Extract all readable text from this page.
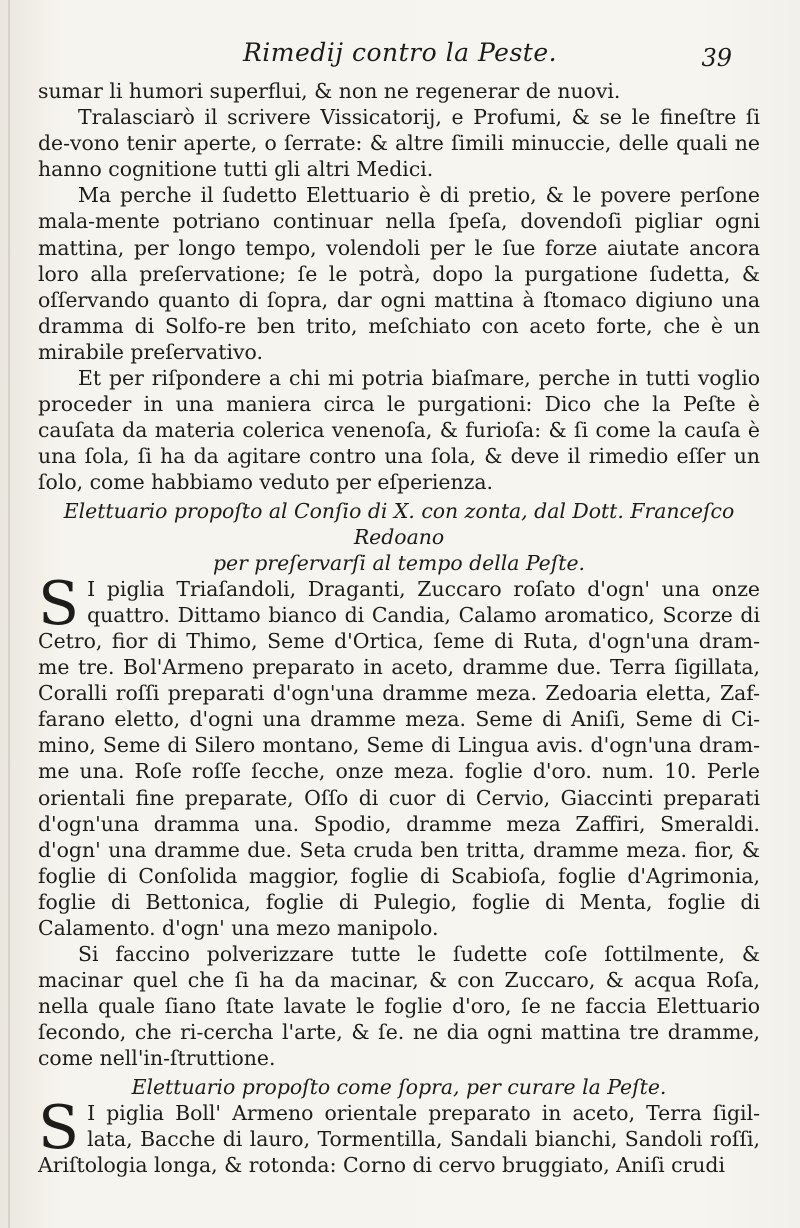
Rimedij contro la Peste.	39

sumar li humori superflui, & non ne regenerar de nuovi.

Tralasciarò il scrivere Vissicatorij, e Profumi, & se le fineſtre ſi de-vono tenir aperte, o ſerrate: & altre ſimili minuccie, delle quali ne hanno cognitione tutti gli altri Medici.

Ma perche il ſudetto Elettuario è di pretio, & le povere perſone mala-mente potriano continuar nella ſpeſa, dovendoſi pigliar ogni mattina, per longo tempo, volendoli per le ſue forze aiutate ancora loro alla preſervatione; ſe le potrà, dopo la purgatione ſudetta, & oſſervando quanto di ſopra, dar ogni mattina à ſtomaco digiuno una dramma di Solfo-re ben trito, meſchiato con aceto forte, che è un mirabile preſervativo.

Et per riſpondere a chi mi potria biaſmare, perche in tutti voglio proceder in una maniera circa le purgationi: Dico che la Peſte è cauſata da materia colerica venenoſa, & furioſa: & ſi come la cauſa è una ſola, ſi ha da agitare contro una ſola, & deve il rimedio eſſer un ſolo, come habbiamo veduto per eſperienza.

Elettuario propoſto al Conſio di X. con zonta, dal Dott. Franceſco Redoano
per preſervarſi al tempo della Peſte.

S I piglia Triaſandoli, Draganti, Zuccaro roſato d'ogn' una onze quattro. Dittamo bianco di Candia, Calamo aromatico, Scorze di Cetro, fior di Thimo, Seme d'Ortica, ſeme di Ruta, d'ogn'una dram-me tre. Bol'Armeno preparato in aceto, dramme due. Terra ſigillata, Coralli roſſi preparati d'ogn'una dramme meza. Zedoaria eletta, Zaf-farano eletto, d'ogni una dramme meza. Seme di Aniſi, Seme di Ci-mino, Seme di Silero montano, Seme di Lingua avis. d'ogn'una dram-me una. Roſe roſſe ſecche, onze meza. foglie d'oro. num. 10. Perle orientali fine preparate, Oſſo di cuor di Cervio, Giaccinti preparati d'ogn'una dramma una. Spodio, dramme meza Zaffiri, Smeraldi. d'ogn' una dramme due. Seta cruda ben tritta, dramme meza. fior, & foglie di Conſolida maggior, foglie di Scabioſa, foglie d'Agrimonia, foglie di Bettonica, foglie di Pulegio, foglie di Menta, foglie di Calamento. d'ogn' una mezo manipolo.

Si faccino polverizzare tutte le ſudette coſe ſottilmente, & macinar quel che ſi ha da macinar, & con Zuccaro, & acqua Roſa, nella quale ſiano ſtate lavate le foglie d'oro, ſe ne faccia Elettuario ſecondo, che ri-cercha l'arte, & ſe. ne dia ogni mattina tre dramme, come nell'in-ſtruttione.

Elettuario propoſto come ſopra, per curare la Peſte.

S I piglia Boll' Armeno orientale preparato in aceto, Terra ſigil-lata, Bacche di lauro, Tormentilla, Sandali bianchi, Sandoli roſſi, Ariſtologia longa, & rotonda: Corno di cervo bruggiato, Aniſi crudi
